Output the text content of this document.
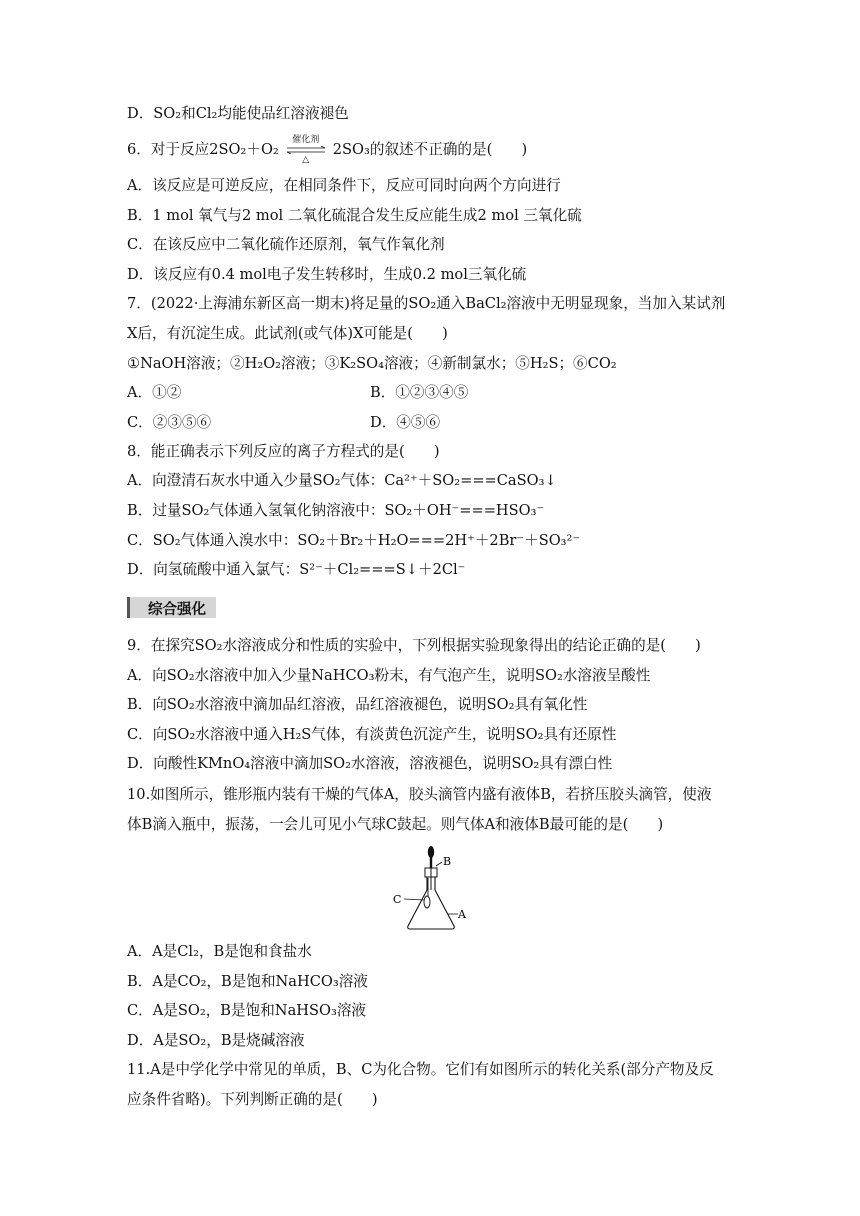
D．SO₂和Cl₂均能使品红溶液褪色
6．对于反应2SO₂＋O₂
催化剂
△
2SO₃的叙述不正确的是(　　)
A．该反应是可逆反应，在相同条件下，反应可同时向两个方向进行
B．1 mol 氧气与2 mol 二氧化硫混合发生反应能生成2 mol 三氧化硫
C．在该反应中二氧化硫作还原剂，氧气作氧化剂
D．该反应有0.4 mol电子发生转移时，生成0.2 mol三氧化硫
7．(2022·上海浦东新区高一期末)将足量的SO₂通入BaCl₂溶液中无明显现象，当加入某试剂
X后，有沉淀生成。此试剂(或气体)X可能是(　　)
①NaOH溶液；②H₂O₂溶液；③K₂SO₄溶液；④新制氯水；⑤H₂S；⑥CO₂
A．①②	B．①②③④⑤
C．②③⑤⑥	D．④⑤⑥
8．能正确表示下列反应的离子方程式的是(　　)
A．向澄清石灰水中通入少量SO₂气体：Ca²⁺＋SO₂===CaSO₃↓
B．过量SO₂气体通入氢氧化钠溶液中：SO₂＋OH⁻===HSO₃⁻
C．SO₂气体通入溴水中：SO₂＋Br₂＋H₂O===2H⁺＋2Br⁻＋SO₃²⁻
D．向氢硫酸中通入氯气：S²⁻＋Cl₂===S↓＋2Cl⁻
综合强化
9．在探究SO₂水溶液成分和性质的实验中，下列根据实验现象得出的结论正确的是(　　)
A．向SO₂水溶液中加入少量NaHCO₃粉末，有气泡产生，说明SO₂水溶液呈酸性
B．向SO₂水溶液中滴加品红溶液，品红溶液褪色，说明SO₂具有氧化性
C．向SO₂水溶液中通入H₂S气体，有淡黄色沉淀产生，说明SO₂具有还原性
D．向酸性KMnO₄溶液中滴加SO₂水溶液，溶液褪色，说明SO₂具有漂白性
10.如图所示，锥形瓶内装有干燥的气体A，胶头滴管内盛有液体B，若挤压胶头滴管，使液
体B滴入瓶中，振荡，一会儿可见小气球C鼓起。则气体A和液体B最可能的是(　　)
B
C
A
A．A是Cl₂，B是饱和食盐水
B．A是CO₂，B是饱和NaHCO₃溶液
C．A是SO₂，B是饱和NaHSO₃溶液
D．A是SO₂，B是烧碱溶液
11.A是中学化学中常见的单质，B、C为化合物。它们有如图所示的转化关系(部分产物及反
应条件省略)。下列判断正确的是(　　)
